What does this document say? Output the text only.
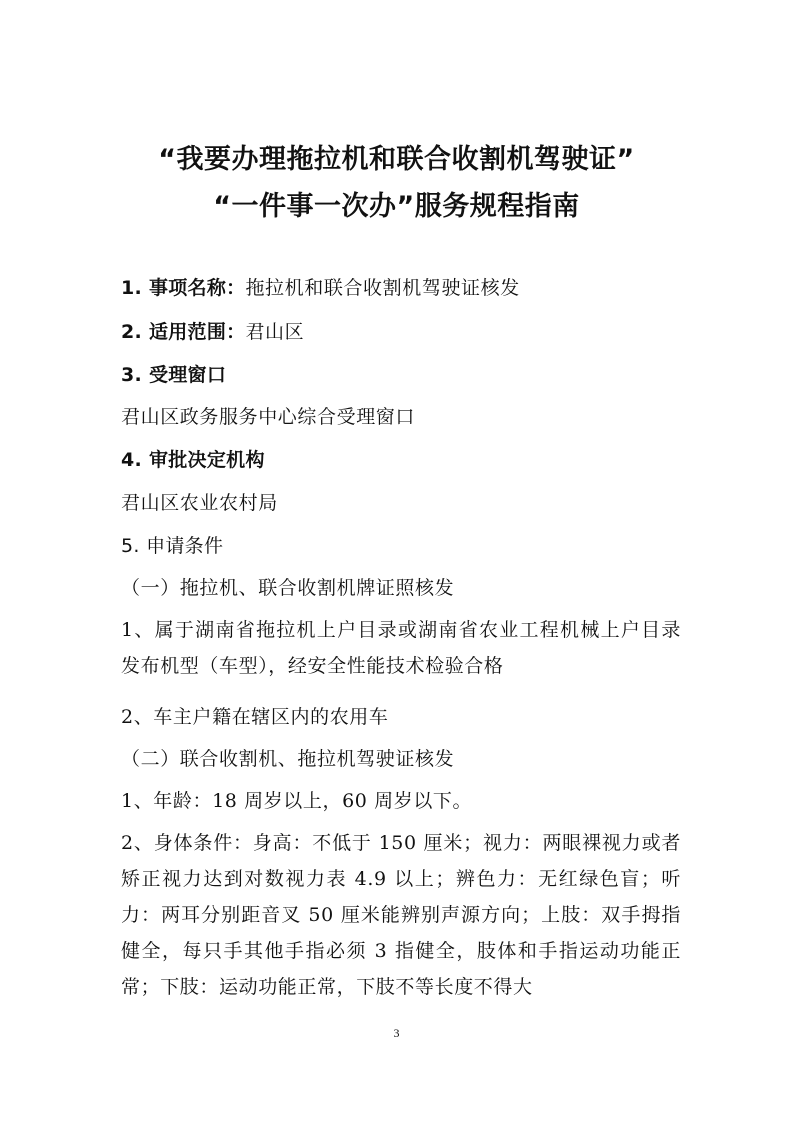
“我要办理拖拉机和联合收割机驾驶证”
“一件事一次办”服务规程指南
1. 事项名称：拖拉机和联合收割机驾驶证核发
2. 适用范围：君山区
3. 受理窗口
君山区政务服务中心综合受理窗口
4. 审批决定机构
君山区农业农村局
5. 申请条件
（一）拖拉机、联合收割机牌证照核发
1、属于湖南省拖拉机上户目录或湖南省农业工程机械上户目录发布机型（车型），经安全性能技术检验合格
2、车主户籍在辖区内的农用车
（二）联合收割机、拖拉机驾驶证核发
1、年龄：18 周岁以上，60 周岁以下。
2、身体条件：身高：不低于 150 厘米；视力：两眼裸视力或者矫正视力达到对数视力表 4.9 以上；辨色力：无红绿色盲；听力：两耳分别距音叉 50 厘米能辨别声源方向；上肢：双手拇指健全，每只手其他手指必须 3 指健全，肢体和手指运动功能正常；下肢：运动功能正常，下肢不等长度不得大
3
